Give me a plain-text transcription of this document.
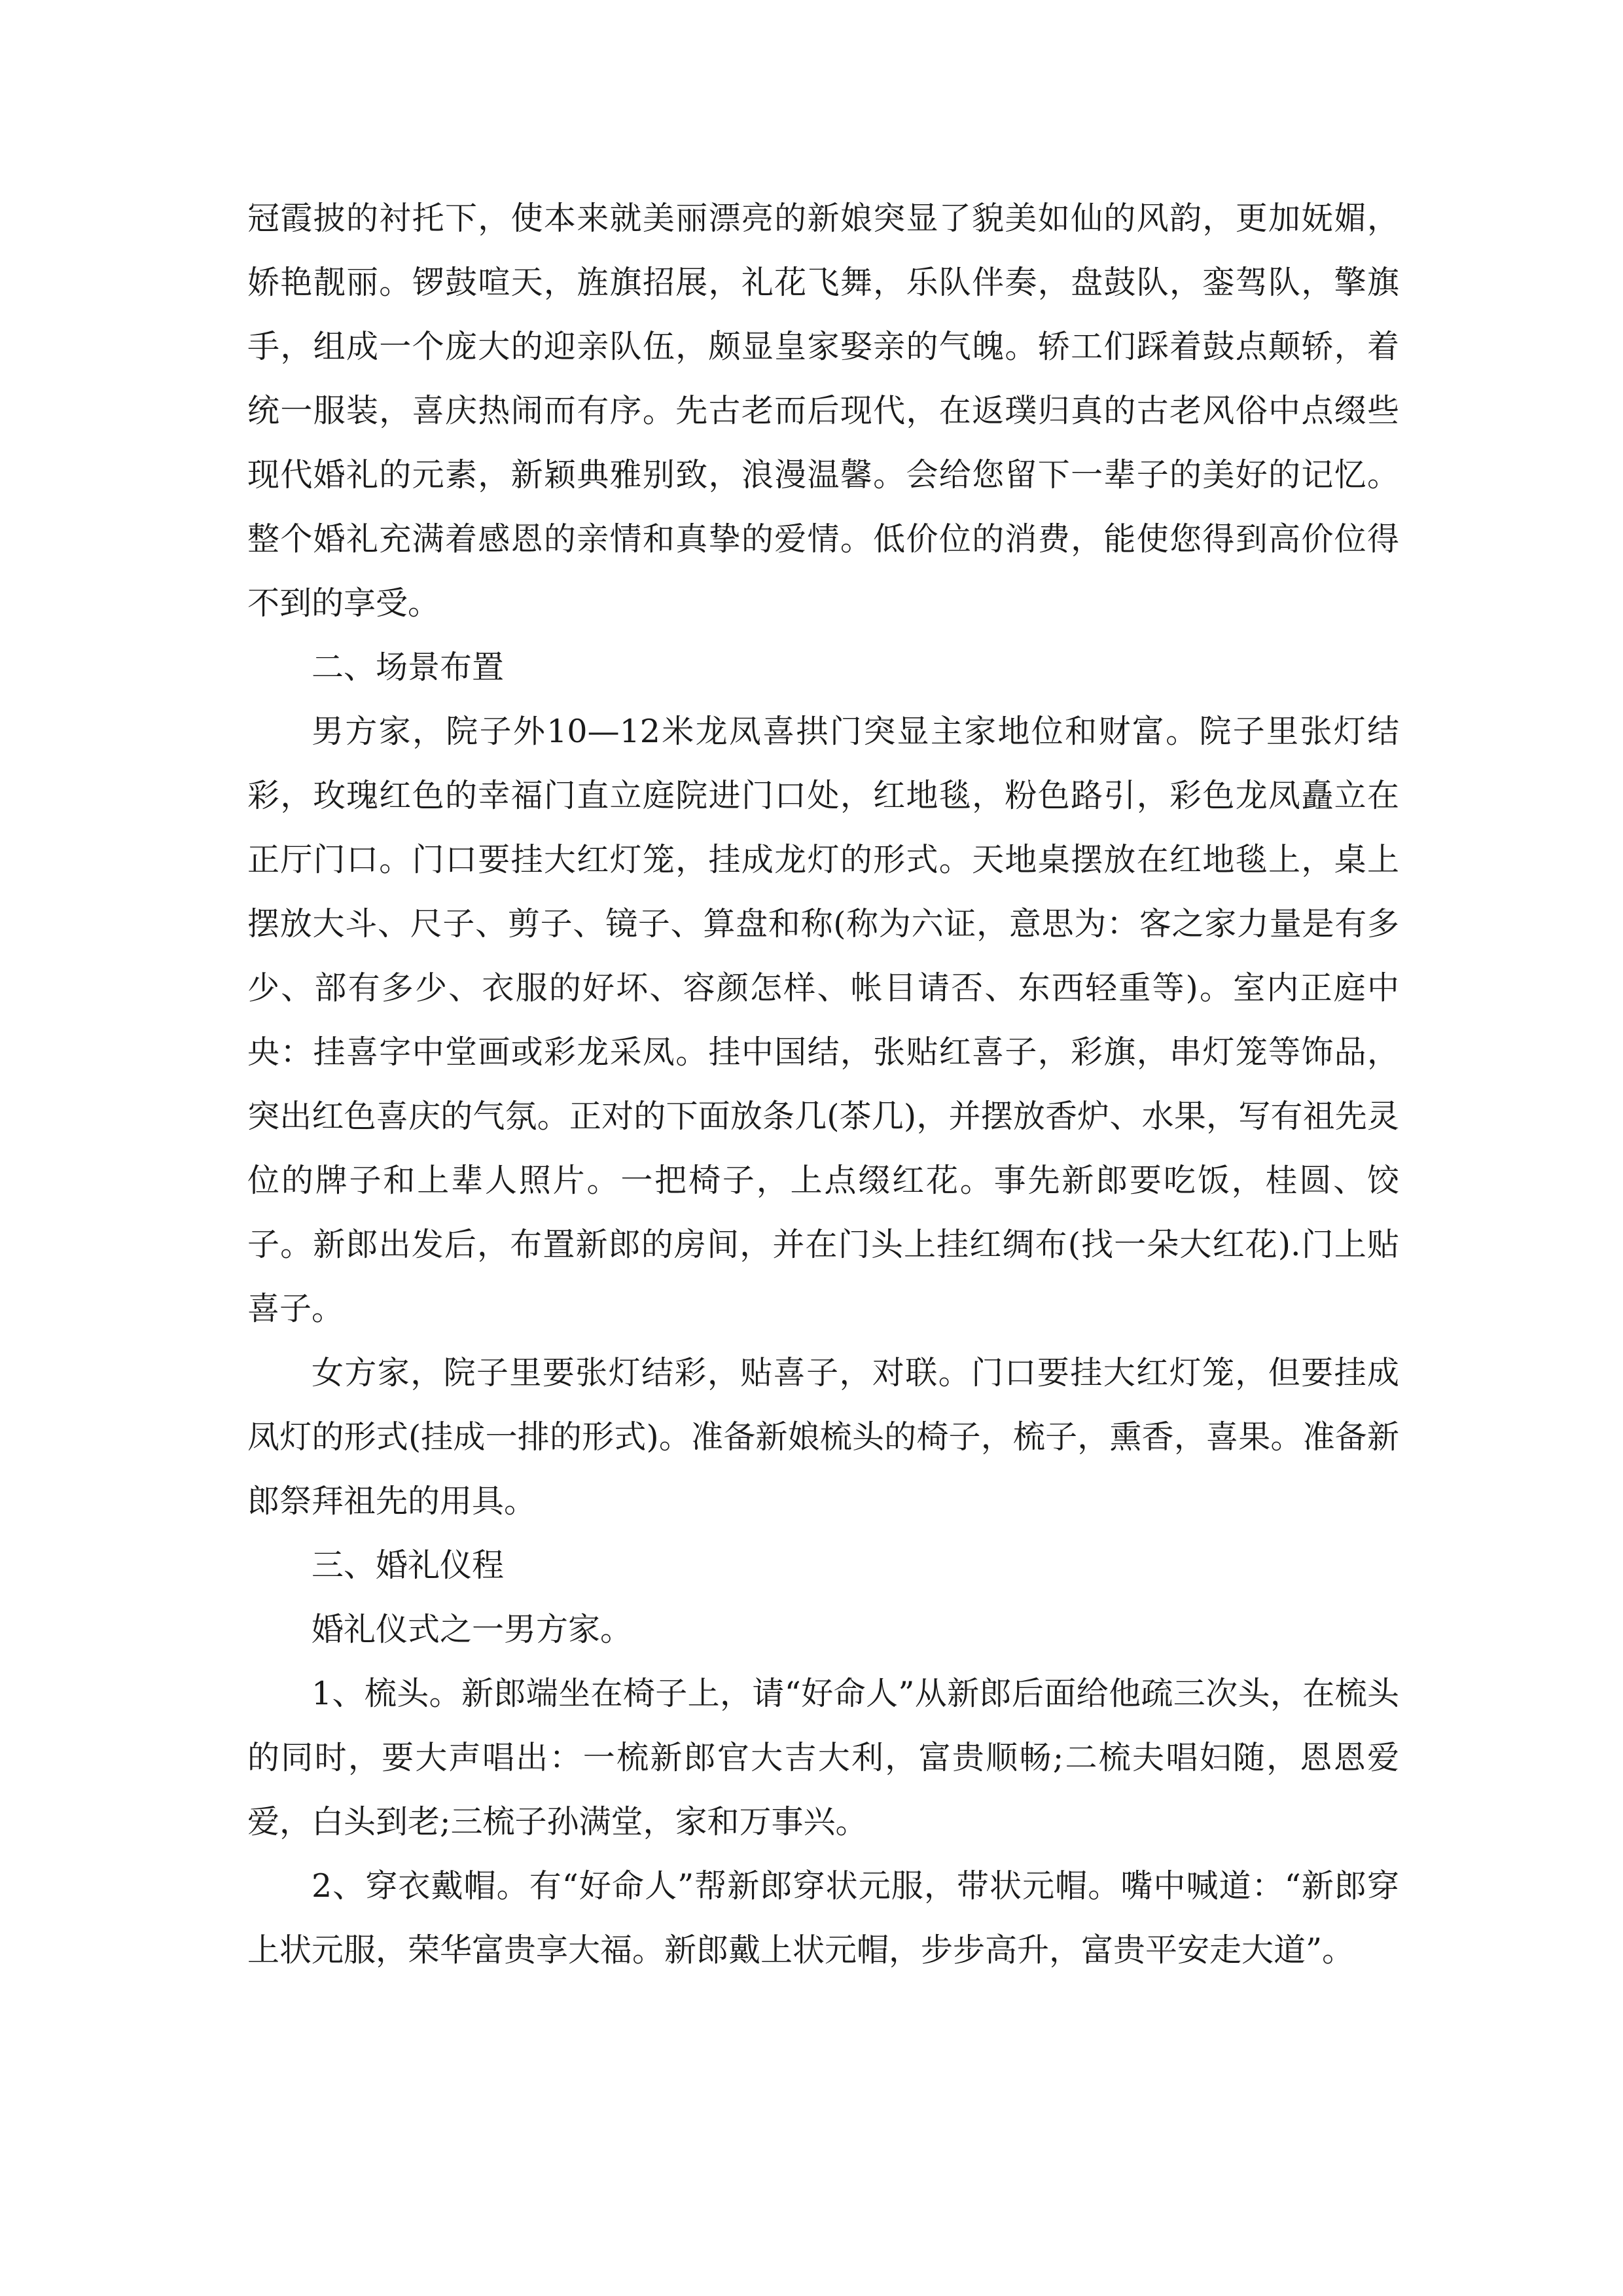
冠霞披的衬托下，使本来就美丽漂亮的新娘突显了貌美如仙的风韵，更加妩媚，娇艳靓丽。锣鼓喧天，旌旗招展，礼花飞舞，乐队伴奏，盘鼓队，銮驾队，擎旗手，组成一个庞大的迎亲队伍，颇显皇家娶亲的气魄。轿工们踩着鼓点颠轿，着统一服装，喜庆热闹而有序。先古老而后现代，在返璞归真的古老风俗中点缀些现代婚礼的元素，新颖典雅别致，浪漫温馨。会给您留下一辈子的美好的记忆。整个婚礼充满着感恩的亲情和真挚的爱情。低价位的消费，能使您得到高价位得不到的享受。

二、场景布置

男方家，院子外10—12米龙凤喜拱门突显主家地位和财富。院子里张灯结彩，玫瑰红色的幸福门直立庭院进门口处，红地毯，粉色路引，彩色龙凤矗立在正厅门口。门口要挂大红灯笼，挂成龙灯的形式。天地桌摆放在红地毯上，桌上摆放大斗、尺子、剪子、镜子、算盘和称(称为六证，意思为：客之家力量是有多少、部有多少、衣服的好坏、容颜怎样、帐目请否、东西轻重等)。室内正庭中央：挂喜字中堂画或彩龙采凤。挂中国结，张贴红喜子，彩旗，串灯笼等饰品，突出红色喜庆的气氛。正对的下面放条几(茶几)，并摆放香炉、水果，写有祖先灵位的牌子和上辈人照片。一把椅子，上点缀红花。事先新郎要吃饭，桂圆、饺子。新郎出发后，布置新郎的房间，并在门头上挂红绸布(找一朵大红花).门上贴喜子。

女方家，院子里要张灯结彩，贴喜子，对联。门口要挂大红灯笼，但要挂成凤灯的形式(挂成一排的形式)。准备新娘梳头的椅子，梳子，熏香，喜果。准备新郎祭拜祖先的用具。

三、婚礼仪程

婚礼仪式之一男方家。

1、梳头。新郎端坐在椅子上，请“好命人”从新郎后面给他疏三次头，在梳头的同时，要大声唱出：一梳新郎官大吉大利，富贵顺畅;二梳夫唱妇随，恩恩爱爱，白头到老;三梳子孙满堂，家和万事兴。

2、穿衣戴帽。有“好命人”帮新郎穿状元服，带状元帽。嘴中喊道：“新郎穿上状元服，荣华富贵享大福。新郎戴上状元帽，步步高升，富贵平安走大道”。
